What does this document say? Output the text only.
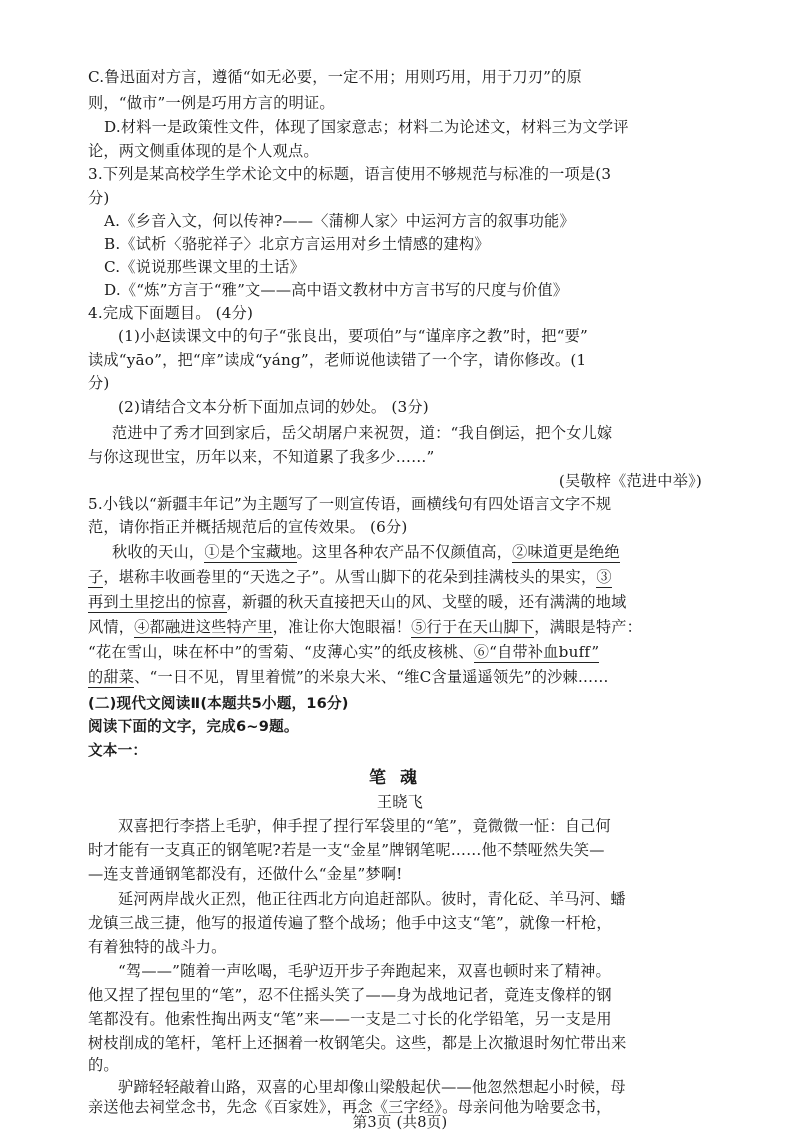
C.鲁迅面对方言，遵循“如无必要，一定不用；用则巧用，用于刀刃”的原
则，“做市”一例是巧用方言的明证。
D.材料一是政策性文件，体现了国家意志；材料二为论述文，材料三为文学评
论，两文侧重体现的是个人观点。
3.下列是某高校学生学术论文中的标题，语言使用不够规范与标准的一项是(3
分)
A.《乡音入文，何以传神?——〈蒲柳人家〉中运河方言的叙事功能》
B.《试析〈骆驼祥子〉北京方言运用对乡土情感的建构》
C.《说说那些课文里的土话》
D.《“炼”方言于“雅”文——高中语文教材中方言书写的尺度与价值》
4.完成下面题目。 (4分)
(1)小赵读课文中的句子“张良出，要项伯”与“谨庠序之教”时，把“要”
读成“yāo”，把“庠”读成“yáng”，老师说他读错了一个字，请你修改。(1
分)
(2)请结合文本分析下面加点词的妙处。 (3分)
范进中了秀才回到家后，岳父胡屠户来祝贺，道：“我自倒运，把个女儿嫁
与你这现世宝，历年以来，不知道累了我多少……”
(吴敬梓《范进中举》)
5.小钱以“新疆丰年记”为主题写了一则宣传语，画横线句有四处语言文字不规
范，请你指正并概括规范后的宣传效果。 (6分)
秋收的天山，①是个宝藏地。这里各种农产品不仅颜值高，②味道更是绝绝
子，堪称丰收画卷里的“天选之子”。从雪山脚下的花朵到挂满枝头的果实，③
再到土里挖出的惊喜，新疆的秋天直接把天山的风、戈壁的暖，还有满满的地域
风情，④都融进这些特产里，准让你大饱眼福！⑤行于在天山脚下，满眼是特产：
“花在雪山，味在杯中”的雪菊、“皮薄心实”的纸皮核桃、⑥“自带补血buff”
的甜菜、“一日不见，胃里着慌”的米泉大米、“维C含量遥遥领先”的沙棘……
(二)现代文阅读Ⅱ(本题共5小题，16分)
阅读下面的文字，完成6~9题。
文本一：
笔魂
王晓飞
双喜把行李搭上毛驴，伸手捏了捏行军袋里的“笔”，竟微微一怔：自己何
时才能有一支真正的钢笔呢?若是一支“金星”牌钢笔呢……他不禁哑然失笑—
—连支普通钢笔都没有，还做什么“金星”梦啊!
延河两岸战火正烈，他正往西北方向追赶部队。彼时，青化砭、羊马河、蟠
龙镇三战三捷，他写的报道传遍了整个战场；他手中这支“笔”，就像一杆枪，
有着独特的战斗力。
“驾——”随着一声吆喝，毛驴迈开步子奔跑起来，双喜也顿时来了精神。
他又捏了捏包里的“笔”，忍不住摇头笑了——身为战地记者，竟连支像样的钢
笔都没有。他索性掏出两支“笔”来——一支是二寸长的化学铅笔，另一支是用
树枝削成的笔杆，笔杆上还捆着一枚钢笔尖。这些，都是上次撤退时匆忙带出来
的。
驴蹄轻轻敲着山路，双喜的心里却像山梁般起伏——他忽然想起小时候，母
亲送他去祠堂念书，先念《百家姓》，再念《三字经》。母亲问他为啥要念书，
第3页 (共8页)
